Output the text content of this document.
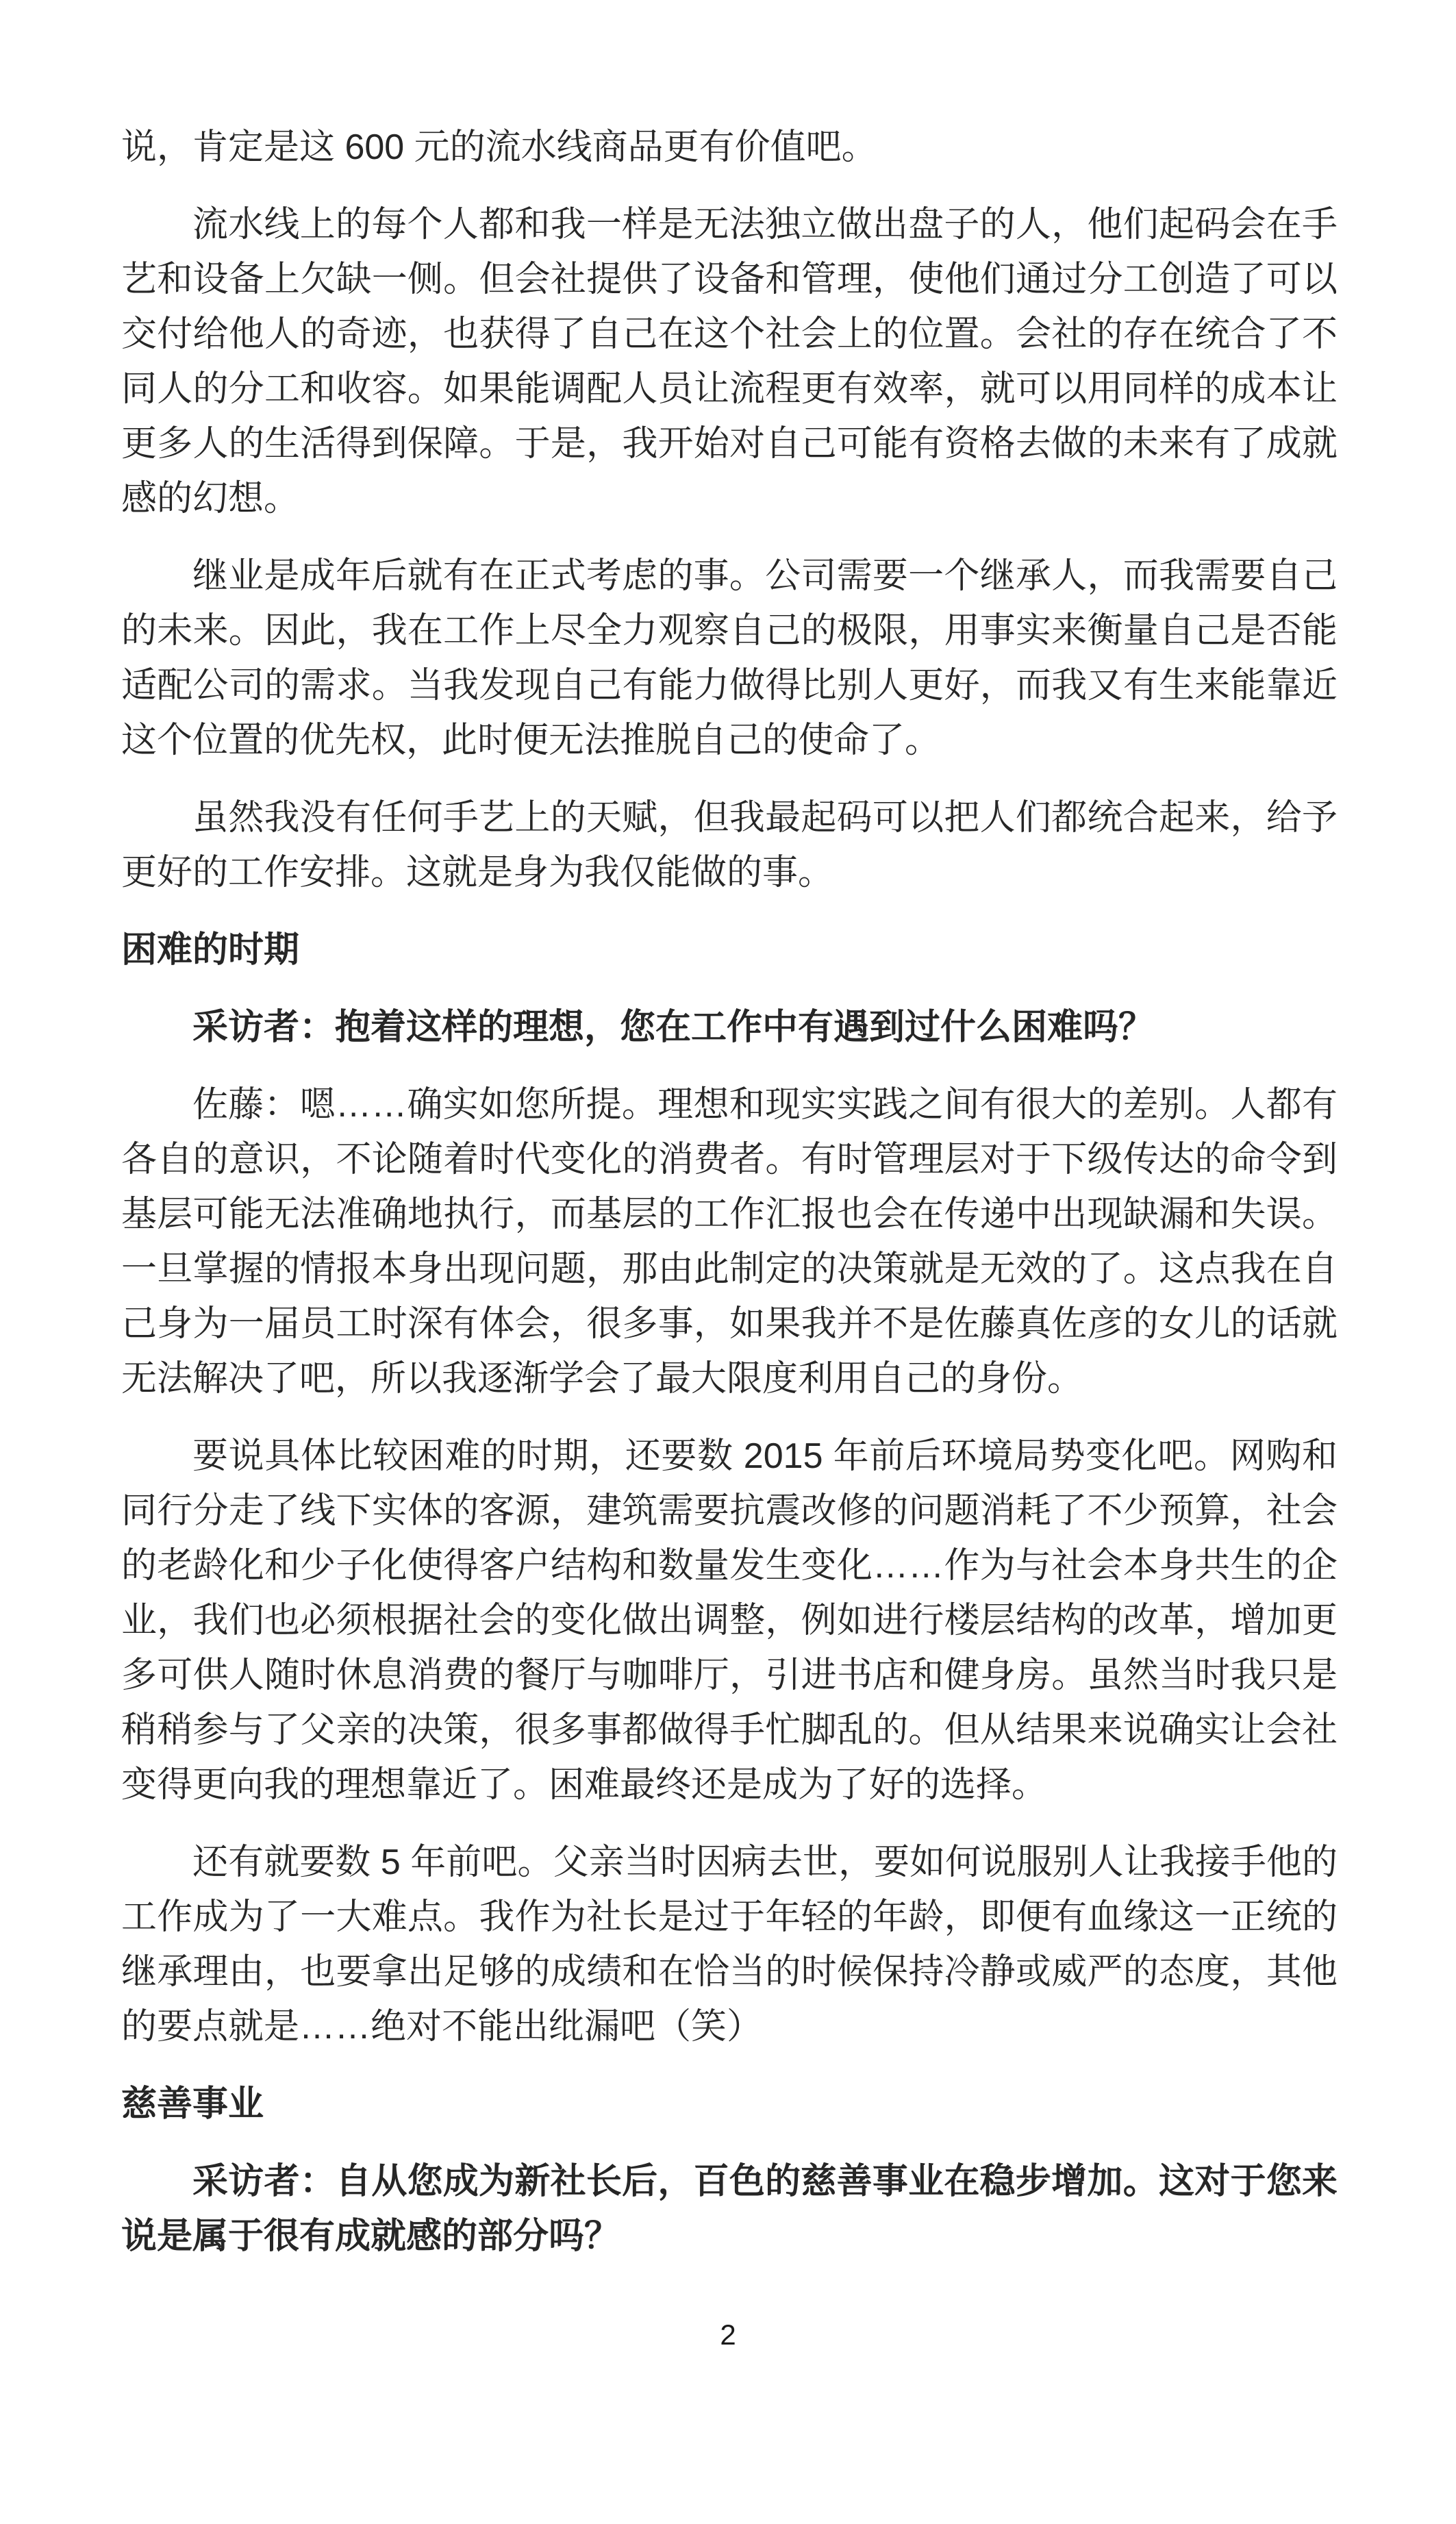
说，肯定是这 600 元的流水线商品更有价值吧。

流水线上的每个人都和我一样是无法独立做出盘子的人，他们起码会在手艺和设备上欠缺一侧。但会社提供了设备和管理，使他们通过分工创造了可以交付给他人的奇迹，也获得了自己在这个社会上的位置。会社的存在统合了不同人的分工和收容。如果能调配人员让流程更有效率，就可以用同样的成本让更多人的生活得到保障。于是，我开始对自己可能有资格去做的未来有了成就感的幻想。

继业是成年后就有在正式考虑的事。公司需要一个继承人，而我需要自己的未来。因此，我在工作上尽全力观察自己的极限，用事实来衡量自己是否能适配公司的需求。当我发现自己有能力做得比别人更好，而我又有生来能靠近这个位置的优先权，此时便无法推脱自己的使命了。

虽然我没有任何手艺上的天赋，但我最起码可以把人们都统合起来，给予更好的工作安排。这就是身为我仅能做的事。

困难的时期

采访者：抱着这样的理想，您在工作中有遇到过什么困难吗？

佐藤：嗯……确实如您所提。理想和现实实践之间有很大的差别。人都有各自的意识，不论随着时代变化的消费者。有时管理层对于下级传达的命令到基层可能无法准确地执行，而基层的工作汇报也会在传递中出现缺漏和失误。一旦掌握的情报本身出现问题，那由此制定的决策就是无效的了。这点我在自己身为一届员工时深有体会，很多事，如果我并不是佐藤真佐彦的女儿的话就无法解决了吧，所以我逐渐学会了最大限度利用自己的身份。

要说具体比较困难的时期，还要数 2015 年前后环境局势变化吧。网购和同行分走了线下实体的客源，建筑需要抗震改修的问题消耗了不少预算，社会的老龄化和少子化使得客户结构和数量发生变化……作为与社会本身共生的企业，我们也必须根据社会的变化做出调整，例如进行楼层结构的改革，增加更多可供人随时休息消费的餐厅与咖啡厅，引进书店和健身房。虽然当时我只是稍稍参与了父亲的决策，很多事都做得手忙脚乱的。但从结果来说确实让会社变得更向我的理想靠近了。困难最终还是成为了好的选择。

还有就要数 5 年前吧。父亲当时因病去世，要如何说服别人让我接手他的工作成为了一大难点。我作为社长是过于年轻的年龄，即便有血缘这一正统的继承理由，也要拿出足够的成绩和在恰当的时候保持冷静或威严的态度，其他的要点就是……绝对不能出纰漏吧（笑）

慈善事业

采访者：自从您成为新社长后，百色的慈善事业在稳步增加。这对于您来说是属于很有成就感的部分吗？

2
